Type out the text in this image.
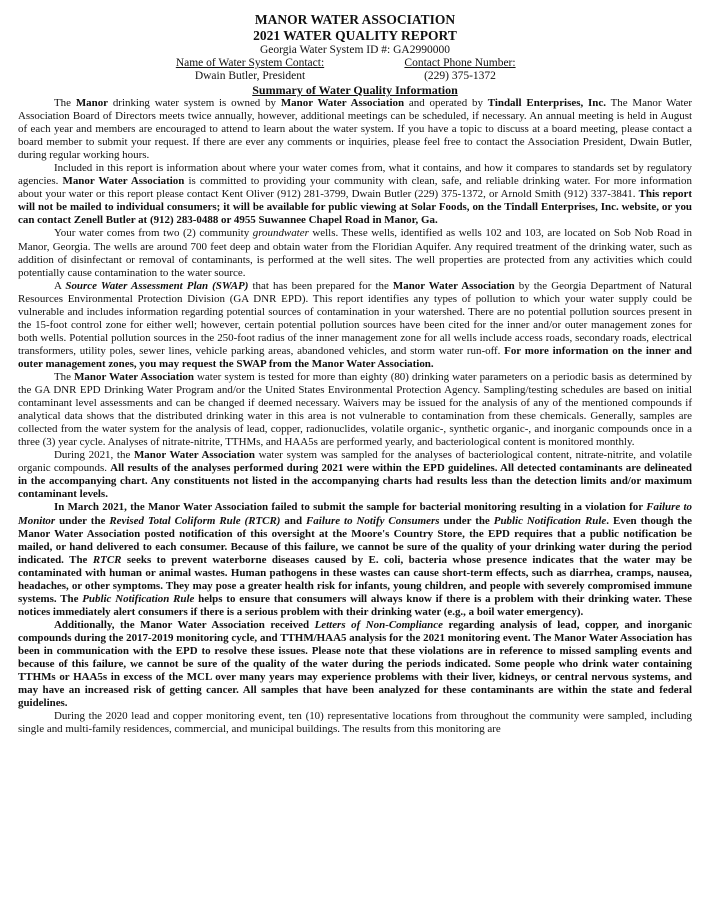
MANOR WATER ASSOCIATION
2021 WATER QUALITY REPORT
Georgia Water System ID #: GA2990000
Name of Water System Contact:
Dwain Butler, President
Contact Phone Number:
(229) 375-1372
Summary of Water Quality Information

The Manor drinking water system is owned by Manor Water Association and operated by Tindall Enterprises, Inc. The Manor Water Association Board of Directors meets twice annually, however, additional meetings can be scheduled, if necessary. An annual meeting is held in August of each year and members are encouraged to attend to learn about the water system. If you have a topic to discuss at a board meeting, please contact a board member to submit your request. If there are ever any comments or inquiries, please feel free to contact the Association President, Dwain Butler, during regular working hours.

Included in this report is information about where your water comes from, what it contains, and how it compares to standards set by regulatory agencies. Manor Water Association is committed to providing your community with clean, safe, and reliable drinking water. For more information about your water or this report please contact Kent Oliver (912) 281-3799, Dwain Butler (229) 375-1372, or Arnold Smith (912) 337-3841. This report will not be mailed to individual consumers; it will be available for public viewing at Solar Foods, on the Tindall Enterprises, Inc. website, or you can contact Zenell Butler at (912) 283-0488 or 4955 Suwannee Chapel Road in Manor, Ga.

Your water comes from two (2) community groundwater wells. These wells, identified as wells 102 and 103, are located on Sob Nob Road in Manor, Georgia. The wells are around 700 feet deep and obtain water from the Floridian Aquifer. Any required treatment of the drinking water, such as addition of disinfectant or removal of contaminants, is performed at the well sites. The well properties are protected from any activities which could potentially cause contamination to the water source.

A Source Water Assessment Plan (SWAP) that has been prepared for the Manor Water Association by the Georgia Department of Natural Resources Environmental Protection Division (GA DNR EPD). This report identifies any types of pollution to which your water supply could be vulnerable and includes information regarding potential sources of contamination in your watershed. There are no potential pollution sources present in the 15-foot control zone for either well; however, certain potential pollution sources have been cited for the inner and/or outer management zones for both wells. Potential pollution sources in the 250-foot radius of the inner management zone for all wells include access roads, secondary roads, electrical transformers, utility poles, sewer lines, vehicle parking areas, abandoned vehicles, and storm water run-off. For more information on the inner and outer management zones, you may request the SWAP from the Manor Water Association.

The Manor Water Association water system is tested for more than eighty (80) drinking water parameters on a periodic basis as determined by the GA DNR EPD Drinking Water Program and/or the United States Environmental Protection Agency. Sampling/testing schedules are based on initial contaminant level assessments and can be changed if deemed necessary. Waivers may be issued for the analysis of any of the mentioned compounds if analytical data shows that the distributed drinking water in this area is not vulnerable to contamination from these chemicals. Generally, samples are collected from the water system for the analysis of lead, copper, radionuclides, volatile organic-, synthetic organic-, and inorganic compounds once in a three (3) year cycle. Analyses of nitrate-nitrite, TTHMs, and HAA5s are performed yearly, and bacteriological content is monitored monthly.

During 2021, the Manor Water Association water system was sampled for the analyses of bacteriological content, nitrate-nitrite, and volatile organic compounds. All results of the analyses performed during 2021 were within the EPD guidelines. All detected contaminants are delineated in the accompanying chart. Any constituents not listed in the accompanying charts had results less than the detection limits and/or maximum contaminant levels.

In March 2021, the Manor Water Association failed to submit the sample for bacterial monitoring resulting in a violation for Failure to Monitor under the Revised Total Coliform Rule (RTCR) and Failure to Notify Consumers under the Public Notification Rule. Even though the Manor Water Association posted notification of this oversight at the Moore's Country Store, the EPD requires that a public notification be mailed, or hand delivered to each consumer. Because of this failure, we cannot be sure of the quality of your drinking water during the period indicated. The RTCR seeks to prevent waterborne diseases caused by E. coli, bacteria whose presence indicates that the water may be contaminated with human or animal wastes. Human pathogens in these wastes can cause short-term effects, such as diarrhea, cramps, nausea, headaches, or other symptoms. They may pose a greater health risk for infants, young children, and people with severely compromised immune systems. The Public Notification Rule helps to ensure that consumers will always know if there is a problem with their drinking water. These notices immediately alert consumers if there is a serious problem with their drinking water (e.g., a boil water emergency).

Additionally, the Manor Water Association received Letters of Non-Compliance regarding analysis of lead, copper, and inorganic compounds during the 2017-2019 monitoring cycle, and TTHM/HAA5 analysis for the 2021 monitoring event. The Manor Water Association has been in communication with the EPD to resolve these issues. Please note that these violations are in reference to missed sampling events and because of this failure, we cannot be sure of the quality of the water during the periods indicated. Some people who drink water containing TTHMs or HAA5s in excess of the MCL over many years may experience problems with their liver, kidneys, or central nervous systems, and may have an increased risk of getting cancer. All samples that have been analyzed for these contaminants are within the state and federal guidelines.

During the 2020 lead and copper monitoring event, ten (10) representative locations from throughout the community were sampled, including single and multi-family residences, commercial, and municipal buildings. The results from this monitoring are
